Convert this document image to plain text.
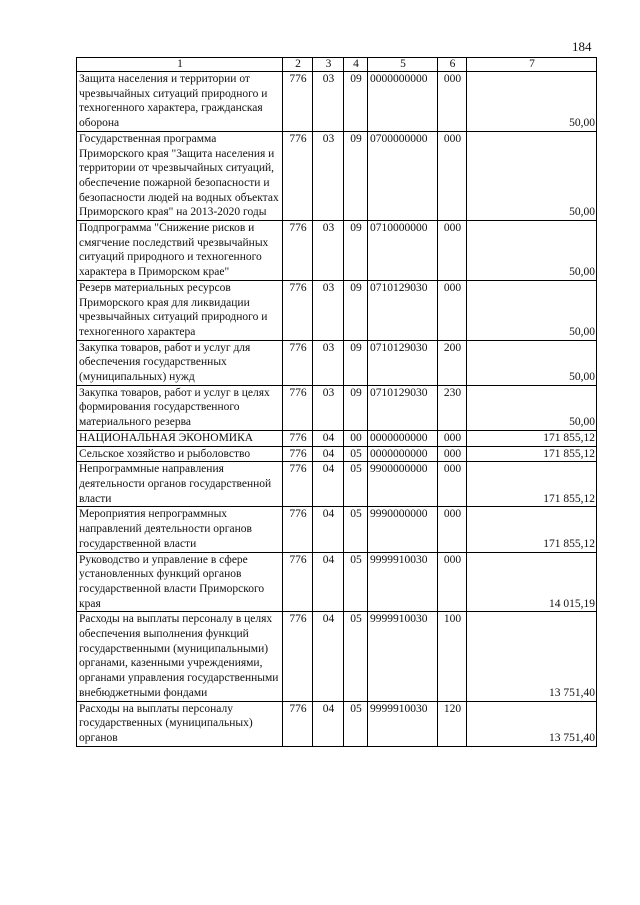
184
1	2	3	4	5	6	7
Защита населения и территории от чрезвычайных ситуаций природного и техногенного характера, гражданская оборона	776	03	09	0000000000	000	50,00
Государственная программа Приморского края "Защита населения и территории от чрезвычайных ситуаций, обеспечение пожарной безопасности и безопасности людей на водных объектах Приморского края" на 2013-2020 годы	776	03	09	0700000000	000	50,00
Подпрограмма "Снижение рисков и смягчение последствий чрезвычайных ситуаций природного и техногенного характера в Приморском крае"	776	03	09	0710000000	000	50,00
Резерв материальных ресурсов Приморского края для ликвидации чрезвычайных ситуаций природного и техногенного характера	776	03	09	0710129030	000	50,00
Закупка товаров, работ и услуг для обеспечения государственных (муниципальных) нужд	776	03	09	0710129030	200	50,00
Закупка товаров, работ и услуг в целях формирования государственного материального резерва	776	03	09	0710129030	230	50,00
НАЦИОНАЛЬНАЯ ЭКОНОМИКА	776	04	00	0000000000	000	171 855,12
Сельское хозяйство и рыболовство	776	04	05	0000000000	000	171 855,12
Непрограммные направления деятельности органов государственной власти	776	04	05	9900000000	000	171 855,12
Мероприятия непрограммных направлений деятельности органов государственной власти	776	04	05	9990000000	000	171 855,12
Руководство и управление в сфере установленных функций органов государственной власти Приморского края	776	04	05	9999910030	000	14 015,19
Расходы на выплаты персоналу в целях обеспечения выполнения функций государственными (муниципальными) органами, казенными учреждениями, органами управления государственными внебюджетными фондами	776	04	05	9999910030	100	13 751,40
Расходы на выплаты персоналу государственных (муниципальных) органов	776	04	05	9999910030	120	13 751,40
